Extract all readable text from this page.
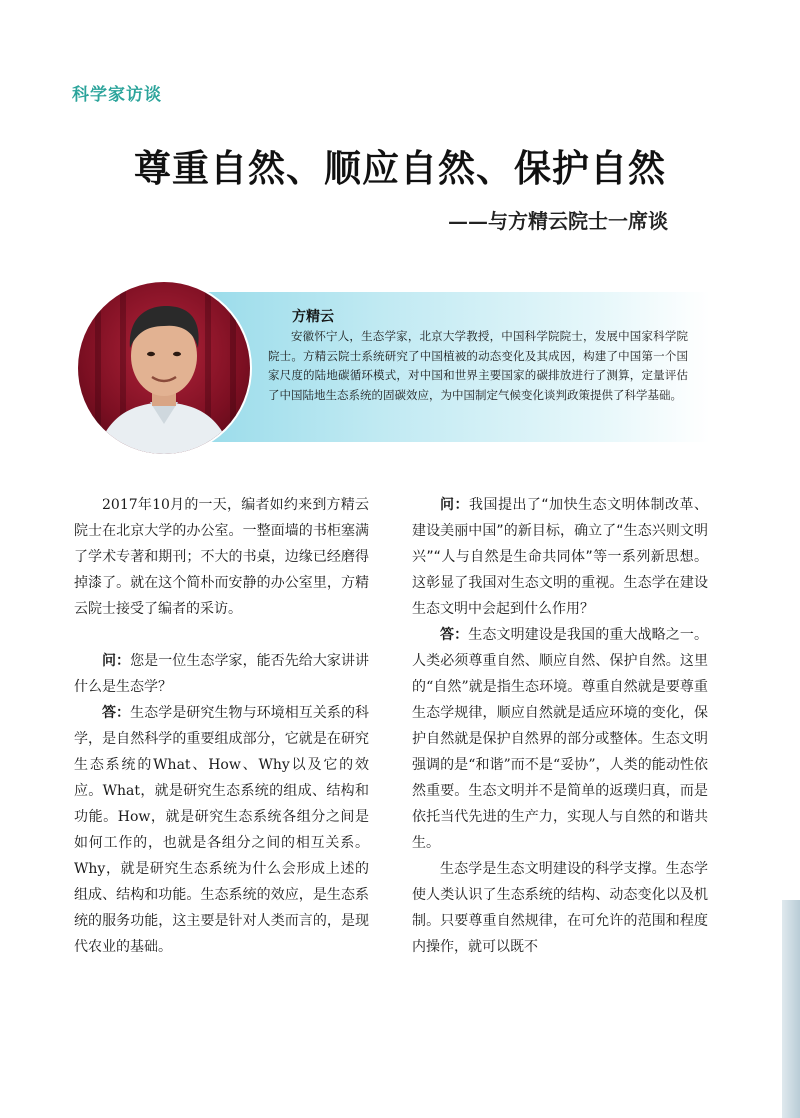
科学家访谈
尊重自然、顺应自然、保护自然
——与方精云院士一席谈
方精云
安徽怀宁人，生态学家，北京大学教授，中国科学院院士，发展中国家科学院院士。方精云院士系统研究了中国植被的动态变化及其成因，构建了中国第一个国家尺度的陆地碳循环模式，对中国和世界主要国家的碳排放进行了测算，定量评估了中国陆地生态系统的固碳效应，为中国制定气候变化谈判政策提供了科学基础。

2017年10月的一天，编者如约来到方精云院士在北京大学的办公室。一整面墙的书柜塞满了学术专著和期刊；不大的书桌，边缘已经磨得掉漆了。就在这个简朴而安静的办公室里，方精云院士接受了编者的采访。

问：您是一位生态学家，能否先给大家讲讲什么是生态学？

答：生态学是研究生物与环境相互关系的科学，是自然科学的重要组成部分，它就是在研究生态系统的What、How、Why以及它的效应。What，就是研究生态系统的组成、结构和功能。How，就是研究生态系统各组分之间是如何工作的，也就是各组分之间的相互关系。Why，就是研究生态系统为什么会形成上述的组成、结构和功能。生态系统的效应，是生态系统的服务功能，这主要是针对人类而言的，是现代农业的基础。

问：我国提出了“加快生态文明体制改革、建设美丽中国”的新目标，确立了“生态兴则文明兴”“人与自然是生命共同体”等一系列新思想。这彰显了我国对生态文明的重视。生态学在建设生态文明中会起到什么作用？

答：生态文明建设是我国的重大战略之一。人类必须尊重自然、顺应自然、保护自然。这里的“自然”就是指生态环境。尊重自然就是要尊重生态学规律，顺应自然就是适应环境的变化，保护自然就是保护自然界的部分或整体。生态文明强调的是“和谐”而不是“妥协”，人类的能动性依然重要。生态文明并不是简单的返璞归真，而是依托当代先进的生产力，实现人与自然的和谐共生。

生态学是生态文明建设的科学支撑。生态学使人类认识了生态系统的结构、动态变化以及机制。只要尊重自然规律，在可允许的范围和程度内操作，就可以既不
